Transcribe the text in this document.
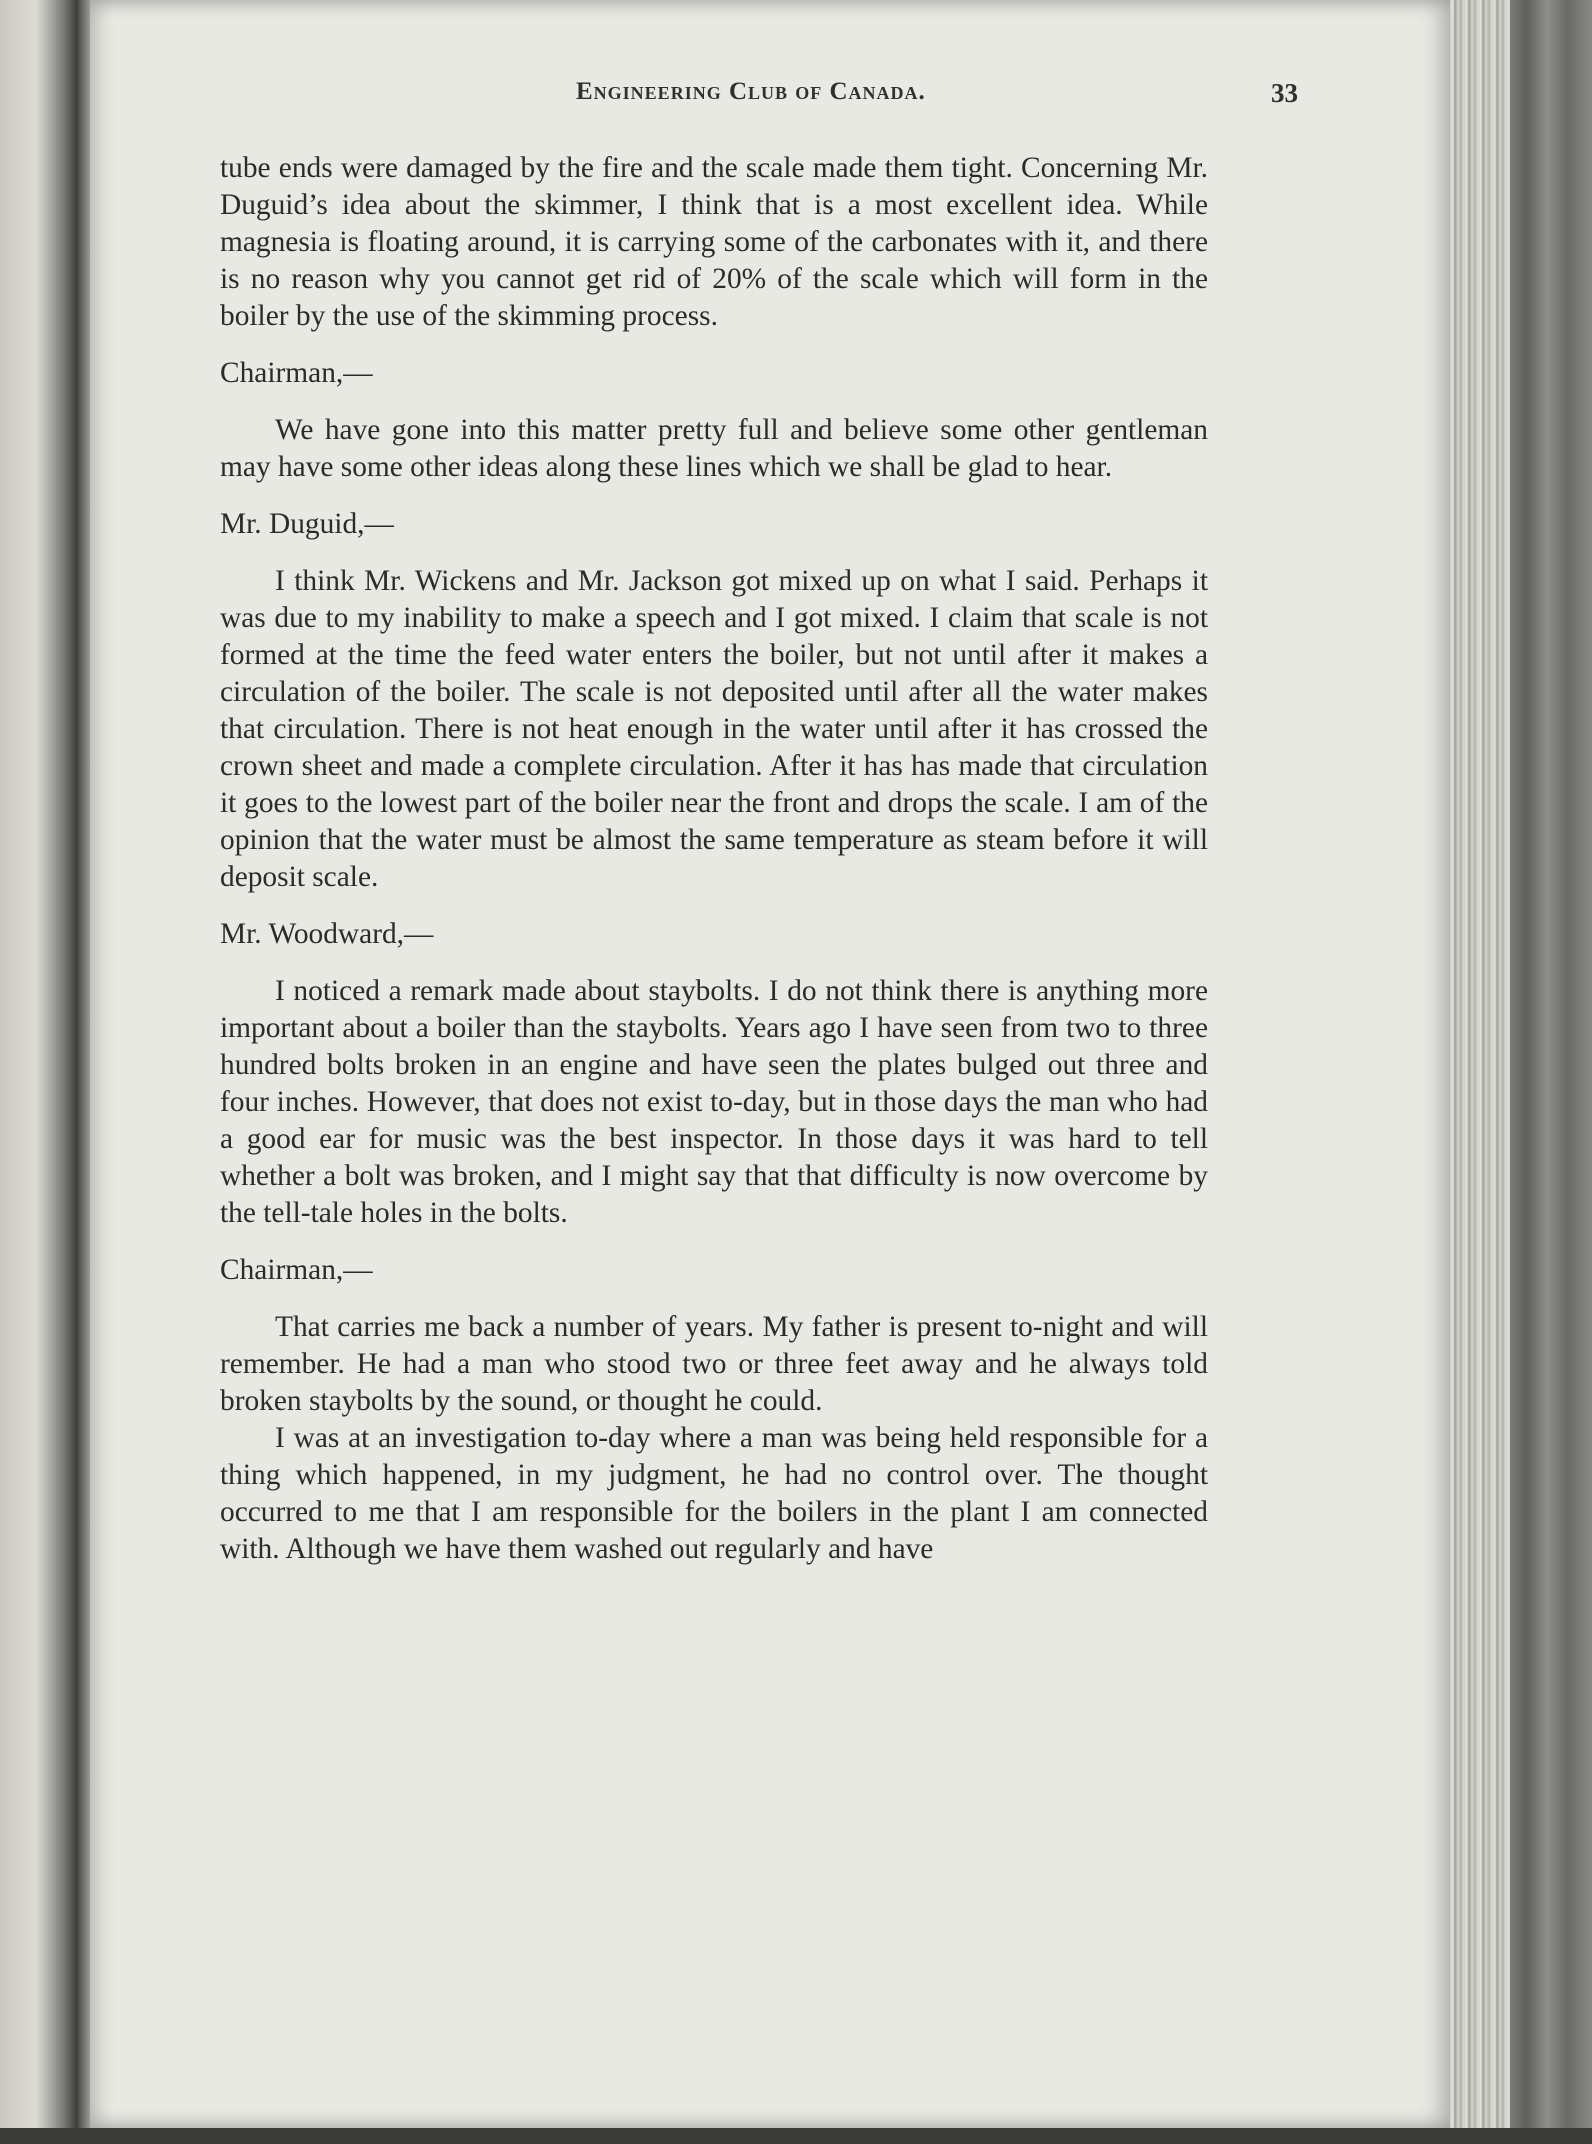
Engineering Club of Canada.	33

tube ends were damaged by the fire and the scale made them tight. Concerning Mr. Duguid’s idea about the skimmer, I think that is a most excellent idea. While magnesia is floating around, it is carrying some of the carbonates with it, and there is no reason why you cannot get rid of 20% of the scale which will form in the boiler by the use of the skimming process.

Chairman,—

We have gone into this matter pretty full and believe some other gentleman may have some other ideas along these lines which we shall be glad to hear.

Mr. Duguid,—

I think Mr. Wickens and Mr. Jackson got mixed up on what I said. Perhaps it was due to my inability to make a speech and I got mixed. I claim that scale is not formed at the time the feed water enters the boiler, but not until after it makes a circulation of the boiler. The scale is not deposited until after all the water makes that circulation. There is not heat enough in the water until after it has crossed the crown sheet and made a complete circulation. After it has has made that circulation it goes to the lowest part of the boiler near the front and drops the scale. I am of the opinion that the water must be almost the same temperature as steam before it will deposit scale.

Mr. Woodward,—

I noticed a remark made about staybolts. I do not think there is anything more important about a boiler than the staybolts. Years ago I have seen from two to three hundred bolts broken in an engine and have seen the plates bulged out three and four inches. However, that does not exist to-day, but in those days the man who had a good ear for music was the best inspector. In those days it was hard to tell whether a bolt was broken, and I might say that that difficulty is now overcome by the tell-tale holes in the bolts.

Chairman,—

That carries me back a number of years. My father is present to-night and will remember. He had a man who stood two or three feet away and he always told broken staybolts by the sound, or thought he could.

I was at an investigation to-day where a man was being held responsible for a thing which happened, in my judgment, he had no control over. The thought occurred to me that I am responsible for the boilers in the plant I am connected with. Although we have them washed out regularly and have
